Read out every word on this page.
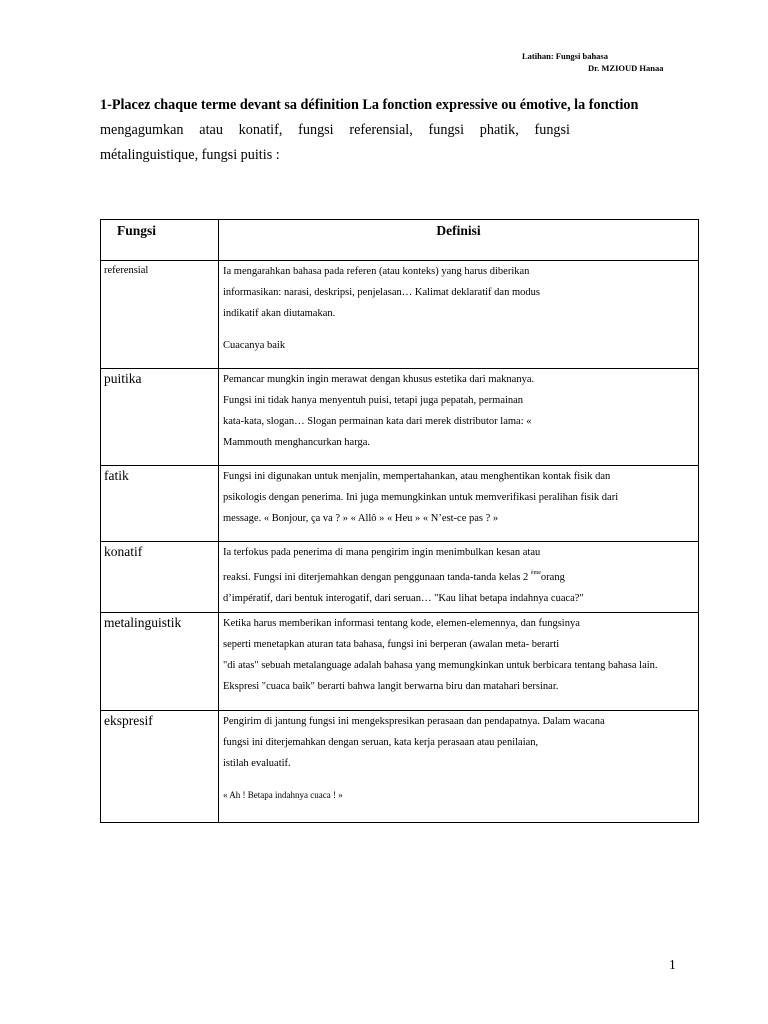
Latihan: Fungsi bahasa
Dr. MZIOUD Hanaa
1-Placez chaque terme devant sa définition La fonction expressive ou émotive, la fonction
mengagumkan atau konatif, fungsi referensial, fungsi phatik, fungsi
métalinguistique, fungsi puitis :
Fungsi	Definisi
referensial	Ia mengarahkan bahasa pada referen (atau konteks) yang harus diberikan
informasikan: narasi, deskripsi, penjelasan… Kalimat deklaratif dan modus
indikatif akan diutamakan.
Cuacanya baik

puitika	Pemancar mungkin ingin merawat dengan khusus estetika dari maknanya.
Fungsi ini tidak hanya menyentuh puisi, tetapi juga pepatah, permainan
kata-kata, slogan… Slogan permainan kata dari merek distributor lama: «
Mammouth menghancurkan harga.

fatik	Fungsi ini digunakan untuk menjalin, mempertahankan, atau menghentikan kontak fisik dan
psikologis dengan penerima. Ini juga memungkinkan untuk memverifikasi peralihan fisik dari
message. « Bonjour, ça va ? » « Allô » « Heu » « N’est-ce pas ? »

konatif	Ia terfokus pada penerima di mana pengirim ingin menimbulkan kesan atau
reaksi. Fungsi ini diterjemahkan dengan penggunaan tanda-tanda kelas 2 $^{ème}$orang
d’impératif, dari bentuk interogatif, dari seruan… "Kau lihat betapa indahnya cuaca?"

metalinguistik	Ketika harus memberikan informasi tentang kode, elemen-elemennya, dan fungsinya
seperti menetapkan aturan tata bahasa, fungsi ini berperan (awalan meta- berarti
"di atas" sebuah metalanguage adalah bahasa yang memungkinkan untuk berbicara tentang bahasa lain.
Ekspresi "cuaca baik" berarti bahwa langit berwarna biru dan matahari bersinar.

ekspresif	Pengirim di jantung fungsi ini mengekspresikan perasaan dan pendapatnya. Dalam wacana
fungsi ini diterjemahkan dengan seruan, kata kerja perasaan atau penilaian,
istilah evaluatif.
« Ah ! Betapa indahnya cuaca ! »
1
